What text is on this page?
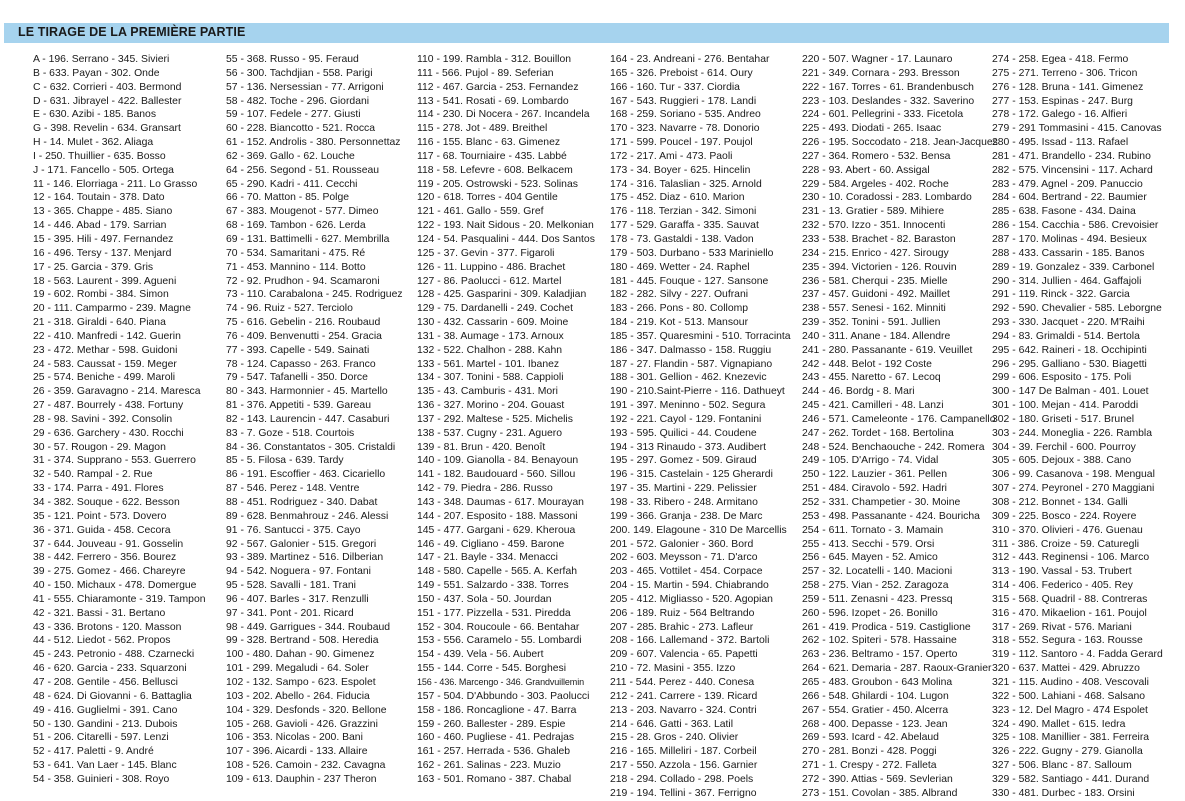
LE TIRAGE DE LA PREMIÈRE PARTIE
A - 196. Serrano - 345. Sivieri
B - 633. Payan - 302. Onde
C - 632. Corrieri - 403. Bermond
D - 631. Jibrayel - 422. Ballester
E - 630. Azibi - 185. Banos
G - 398. Revelin - 634. Gransart
H - 14. Mulet - 362. Aliaga
I - 250. Thuillier - 635. Bosso
J - 171. Fancello - 505. Ortega
11 - 146. Elorriaga - 211. Lo Grasso
12 - 164. Toutain - 378. Dato
13 - 365. Chappe - 485. Siano
14 - 446. Abad - 179. Sarrian
15 - 395. Hili - 497. Fernandez
16 - 496. Tersy - 137. Menjard
17 - 25. Garcia - 379. Gris
18 - 563. Laurent - 399. Agueni
19 - 602. Rombi - 384. Simon
20 - 111. Camparmo - 239. Magne
21 - 318. Giraldi - 640. Piana
22 - 410. Manfredi - 142. Guerin
23 - 472. Methar - 598. Guidoni
24 - 583. Caussat - 159. Meger
25 - 574. Beniche - 499. Maroli
26 - 359. Garavagno - 214. Maresca
27 - 487. Bourrely - 438. Fortuny
28 - 98. Savini - 392. Consolin
29 - 636. Garchery - 430. Rocchi
30 - 57. Rougon - 29. Magon
31 - 374. Supprano - 553. Guerrero
32 - 540. Rampal - 2. Rue
33 - 174. Parra - 491. Flores
34 - 382. Souque - 622. Besson
35 - 121. Point - 573. Dovero
36 - 371. Guida - 458. Cecora
37 - 644. Jouveau - 91. Gosselin
38 - 442. Ferrero - 356. Bourez
39 - 275. Gomez - 466. Chareyre
40 - 150. Michaux - 478. Domergue
41 - 555. Chiaramonte - 319. Tampon
42 - 321. Bassi - 31. Bertano
43 - 336. Brotons - 120. Masson
44 - 512. Liedot - 562. Propos
45 - 243. Petronio - 488. Czarnecki
46 - 620. Garcia - 233. Squarzoni
47 - 208. Gentile - 456. Bellusci
48 - 624. Di Giovanni - 6. Battaglia
49 - 416. Guglielmi - 391. Cano
50 - 130. Gandini - 213. Dubois
51 - 206. Citarelli - 597. Lenzi
52 - 417. Paletti - 9. André
53 - 641. Van Laer - 145. Blanc
54 - 358. Guinieri - 308. Royo
55 - 368. Russo - 95. Feraud
56 - 300. Tachdjian - 558. Parigi
57 - 136. Nersessian - 77. Arrigoni
58 - 482. Toche - 296. Giordani
59 - 107. Fedele - 277. Giusti
60 - 228. Biancotto - 521. Rocca
61 - 152. Androlis - 380. Personnettaz
62 - 369. Gallo - 62. Louche
64 - 256. Segond - 51. Rousseau
65 - 290. Kadri - 411. Cecchi
66 - 70. Matton - 85. Polge
67 - 383. Mougenot - 577. Dimeo
68 - 169. Tambon - 626. Lerda
69 - 131. Battimelli - 627. Membrilla
70 - 534. Samaritani - 475. Ré
71 - 453. Mannino - 114. Botto
72 - 92. Prudhon - 94. Scamaroni
73 - 110. Carabalona - 245. Rodriguez
74 - 96. Ruiz - 527. Terciolo
75 - 616. Gebelin - 216. Roubaud
76 - 409. Benvenutti - 254. Gracia
77 - 393. Capelle - 549. Sainati
78 - 124. Capasso - 263. Franco
79 - 547. Tafanelli - 350. Dorce
80 - 343. Harmonnier - 45. Martello
81 - 376. Appetiti - 539. Gareau
82 - 143. Laurencin - 447. Casaburi
83 - 7. Goze - 518. Courtois
84 - 36. Constantatos - 305. Cristaldi
85 - 5. Filosa - 639. Tardy
86 - 191. Escoffier - 463. Cicariello
87 - 546. Perez - 148. Ventre
88 - 451. Rodriguez - 340. Dabat
89 - 628. Benmahrouz - 246. Alessi
91 - 76. Santucci - 375. Cayo
92 - 567. Galonier - 515. Gregori
93 - 389. Martinez - 516. Dilberian
94 - 542. Noguera - 97. Fontani
95 - 528. Savalli - 181. Trani
96 - 407. Barles - 317. Renzulli
97 - 341. Pont - 201. Ricard
98 - 449. Garrigues - 344. Roubaud
99 - 328. Bertrand - 508. Heredia
100 - 480. Dahan - 90. Gimenez
101 - 299. Megaludi - 64. Soler
102 - 132. Sampo - 623. Espolet
103 - 202. Abello - 264. Fiducia
104 - 329. Desfonds - 320. Bellone
105 - 268. Gavioli - 426. Grazzini
106 - 353. Nicolas - 200. Bani
107 - 396. Aicardi - 133. Allaire
108 - 526. Camoin - 232. Cavagna
109 - 613. Dauphin - 237 Theron
110 - 199. Rambla - 312. Bouillon
111 - 566. Pujol - 89. Seferian
112 - 467. Garcia - 253. Fernandez
113 - 541. Rosati - 69. Lombardo
114 - 230. Di Nocera - 267. Incandela
115 - 278. Jot - 489. Breithel
116 - 155. Blanc - 63. Gimenez
117 - 68. Tourniaire - 435. Labbé
118 - 58. Lefevre - 608. Belkacem
119 - 205. Ostrowski - 523. Solinas
120 - 618. Torres - 404 Gentile
121 - 461. Gallo - 559. Gref
122 - 193. Nait Sidous - 20. Melkonian
124 - 54. Pasqualini - 444. Dos Santos
125 - 37. Gevin - 377. Figaroli
126 - 11. Luppino - 486. Brachet
127 - 86. Paolucci - 612. Martel
128 - 425. Gasparini - 309. Kaladjian
129 - 75. Dardanelli - 249. Cochet
130 - 432. Cassarin - 609. Moine
131 - 38. Aumage - 173. Arnoux
132 - 522. Chalhon - 288. Kahn
133 - 561. Martel - 101. Ibanez
134 - 307. Tonini - 588. Cappioli
135 - 43. Camburis - 431. Mori
136 - 327. Morino - 204. Gouast
137 - 292. Maltese - 525. Michelis
138 - 537. Cugny - 231. Aguero
139 - 81. Brun - 420. Benoît
140 - 109. Gianolla - 84. Benayoun
141 - 182. Baudouard - 560. Sillou
142 - 79. Piedra - 286. Russo
143 - 348. Daumas - 617. Mourayan
144 - 207. Esposito - 188. Massoni
145 - 477. Gargani - 629. Kheroua
146 - 49. Cigliano - 459. Barone
147 - 21. Bayle - 334. Menacci
148 - 580. Capelle - 565. A. Kerfah
149 - 551. Salzardo - 338. Torres
150 - 437. Sola - 50. Jourdan
151 - 177. Pizzella - 531. Piredda
152 - 304. Roucoule - 66. Bentahar
153 - 556. Caramelo - 55. Lombardi
154 - 439. Vela - 56. Aubert
155 - 144. Corre - 545. Borghesi
156 - 436. Marcengo - 346. Grandvuillemin
157 - 504. D'Abbundo - 303. Paolucci
158 - 186. Roncaglione - 47. Barra
159 - 260. Ballester - 289. Espie
160 - 460. Pugliese - 41. Pedrajas
161 - 257. Herrada - 536. Ghaleb
162 - 261. Salinas - 223. Muzio
163 - 501. Romano - 387. Chabal
164 - 23. Andreani - 276. Bentahar
165 - 326. Preboist - 614. Oury
166 - 160. Tur - 337. Ciordia
167 - 543. Ruggieri - 178. Landi
168 - 259. Soriano - 535. Andreo
170 - 323. Navarre - 78. Donorio
171 - 599. Poucel - 197. Poujol
172 - 217. Ami - 473. Paoli
173 - 34. Boyer - 625. Hincelin
174 - 316. Talaslian - 325. Arnold
175 - 452. Diaz - 610. Marion
176 - 118. Terzian - 342. Simoni
177 - 529. Garaffa - 335. Sauvat
178 - 73. Gastaldi - 138. Vadon
179 - 503. Durbano - 533 Mariniello
180 - 469. Wetter - 24. Raphel
181 - 445. Fouque - 127. Sansone
182 - 282. Silvy - 227. Oufrani
183 - 266. Pons - 80. Collomp
184 - 219. Kot - 513. Mansour
185 - 357. Quaresmini - 510. Torracinta
186 - 347. Dalmasso - 158. Ruggiu
187 - 27. Flandin - 587. Vignapiano
188 - 301. Gellion - 462. Knezevic
190 - 210.Saint-Pierre - 116. Dathueyt
191 - 397. Meninno - 502. Segura
192 - 221. Cayol - 129. Fontanini
193 - 595. Quilici - 44. Coudene
194 - 313 Rinaudo - 373. Audibert
195 - 297. Gomez - 509. Giraud
196 - 315. Castelain - 125 Gherardi
197 - 35. Martini - 229. Pelissier
198 - 33. Ribero - 248. Armitano
199 - 366. Granja - 238. De Marc
200. 149. Elagoune - 310 De Marcellis
201 - 572. Galonier - 360. Bord
202 - 603. Meysson - 71. D'arco
203 - 465. Vottilet - 454. Corpace
204 - 15. Martin - 594. Chiabrando
205 - 412. Migliasso - 520. Agopian
206 - 189. Ruiz - 564 Beltrando
207 - 285. Brahic - 273. Lafleur
208 - 166. Lallemand - 372. Bartoli
209 - 607. Valencia - 65. Papetti
210 - 72. Masini - 355. Izzo
211 - 544. Perez - 440. Conesa
212 - 241. Carrere - 139. Ricard
213 - 203. Navarro - 324. Contri
214 - 646. Gatti - 363. Latil
215 - 28. Gros - 240. Olivier
216 - 165. Milleliri - 187. Corbeil
217 - 550. Azzola - 156. Garnier
218 - 294. Collado - 298. Poels
219 - 194. Tellini - 367. Ferrigno
220 - 507. Wagner - 17. Launaro
221 - 349. Cornara - 293. Bresson
222 - 167. Torres - 61. Brandenbusch
223 - 103. Deslandes - 332. Saverino
224 - 601. Pellegrini - 333. Ficetola
225 - 493. Diodati - 265. Isaac
226 - 195. Soccodato - 218. Jean-Jacques
227 - 364. Romero - 532. Bensa
228 - 93. Abert - 60. Assigal
229 - 584. Argeles - 402. Roche
230 - 10. Coradossi - 283. Lombardo
231 - 13. Gratier - 589. Mihiere
232 - 570. Izzo - 351. Innocenti
233 - 538. Brachet - 82. Baraston
234 - 215. Enrico - 427. Sirougy
235 - 394. Victorien - 126. Rouvin
236 - 581. Cherqui - 235. Mielle
237 - 457. Guidoni - 492. Maillet
238 - 557. Senesi - 162. Minniti
239 - 352. Tonini - 591. Jullien
240 - 311. Anane - 184. Allendre
241 - 280. Passanante - 619. Veuillet
242 - 448. Belot - 192 Coste
243 - 455. Naretto - 67. Lecoq
244 - 46. Bordg - 8. Mari
245 - 421. Camilleri - 48. Lanzi
246 - 571. Cameleonte - 176. Campanello
247 - 262. Tordet - 168. Bertolina
248 - 524. Benchaouche - 242. Romera
249 - 105. D'Arrigo - 74. Vidal
250 - 122. Lauzier - 361. Pellen
251 - 484. Ciravolo - 592. Hadri
252 - 331. Champetier - 30. Moine
253 - 498. Passanante - 424. Bouricha
254 - 611. Tornato - 3. Mamain
255 - 413. Secchi - 579. Orsi
256 - 645. Mayen - 52. Amico
257 - 32. Locatelli - 140. Macioni
258 - 275. Vian - 252. Zaragoza
259 - 511. Zenasni - 423. Pressq
260 - 596. Izopet - 26. Bonillo
261 - 419. Prodica - 519. Castiglione
262 - 102. Spiteri - 578. Hassaine
263 - 236. Beltramo - 157. Operto
264 - 621. Demaria - 287. Raoux-Granier
265 - 483. Groubon - 643 Molina
266 - 548. Ghilardi - 104. Lugon
267 - 554. Gratier - 450. Alcerra
268 - 400. Depasse - 123. Jean
269 - 593. Icard - 42. Abelaud
270 - 281. Bonzi - 428. Poggi
271 - 1. Crespy - 272. Falleta
272 - 390. Attias - 569. Sevlerian
273 - 151. Covolan - 385. Albrand
274 - 258. Egea - 418. Fermo
275 - 271. Terreno - 306. Tricon
276 - 128. Bruna - 141. Gimenez
277 - 153. Espinas - 247. Burg
278 - 172. Galego - 16. Alfieri
279 - 291 Tommasini - 415. Canovas
280 - 495. Issad - 113. Rafael
281 - 471. Brandello - 234. Rubino
282 - 575. Vincensini - 117. Achard
283 - 479. Agnel - 209. Panuccio
284 - 604. Bertrand - 22. Baumier
285 - 638. Fasone - 434. Daina
286 - 154. Cacchia - 586. Crevoisier
287 - 170. Molinas - 494. Besieux
288 - 433. Cassarin - 185. Banos
289 - 19. Gonzalez - 339. Carbonel
290 - 314. Jullien - 464. Gaffajoli
291 - 119. Rinck - 322. Garcia
292 - 590. Chevalier - 585. Leborgne
293 - 330. Jacquet - 220. M'Raihi
294 - 83. Grimaldi - 514. Bertola
295 - 642. Raineri - 18. Occhipinti
296 - 295. Galliano - 530. Biagetti
299 - 606. Esposito - 175. Poli
300 - 147 De Balman - 401. Louet
301 - 100. Mejan - 414. Paroddi
302 - 180. Griseti - 517. Brunel
303 - 244. Moneglia - 226. Rambla
304 - 39. Ferchil - 600. Pourroy
305 - 605. Dejoux - 388. Cano
306 - 99. Casanova - 198. Mengual
307 - 274. Peyronel - 270 Maggiani
308 - 212. Bonnet - 134. Galli
309 - 225. Bosco - 224. Royere
310 - 370. Olivieri - 476. Guenau
311 - 386. Croize - 59. Caturegli
312 - 443. Reginensi - 106. Marco
313 - 190. Vassal - 53. Trubert
314 - 406. Federico - 405. Rey
315 - 568. Quadril - 88. Contreras
316 - 470. Mikaelion - 161. Poujol
317 - 269. Rivat - 576. Mariani
318 - 552. Segura - 163. Rousse
319 - 112. Santoro - 4. Fadda Gerard
320 - 637. Mattei - 429. Abruzzo
321 - 115. Audino - 408. Vescovali
322 - 500. Lahiani - 468. Salsano
323 - 12. Del Magro - 474 Espolet
324 - 490. Mallet - 615. Iedra
325 - 108. Manillier - 381. Ferreira
326 - 222. Gugny - 279. Gianolla
327 - 506. Blanc - 87. Salloum
329 - 582. Santiago - 441. Durand
330 - 481. Durbec - 183. Orsini
